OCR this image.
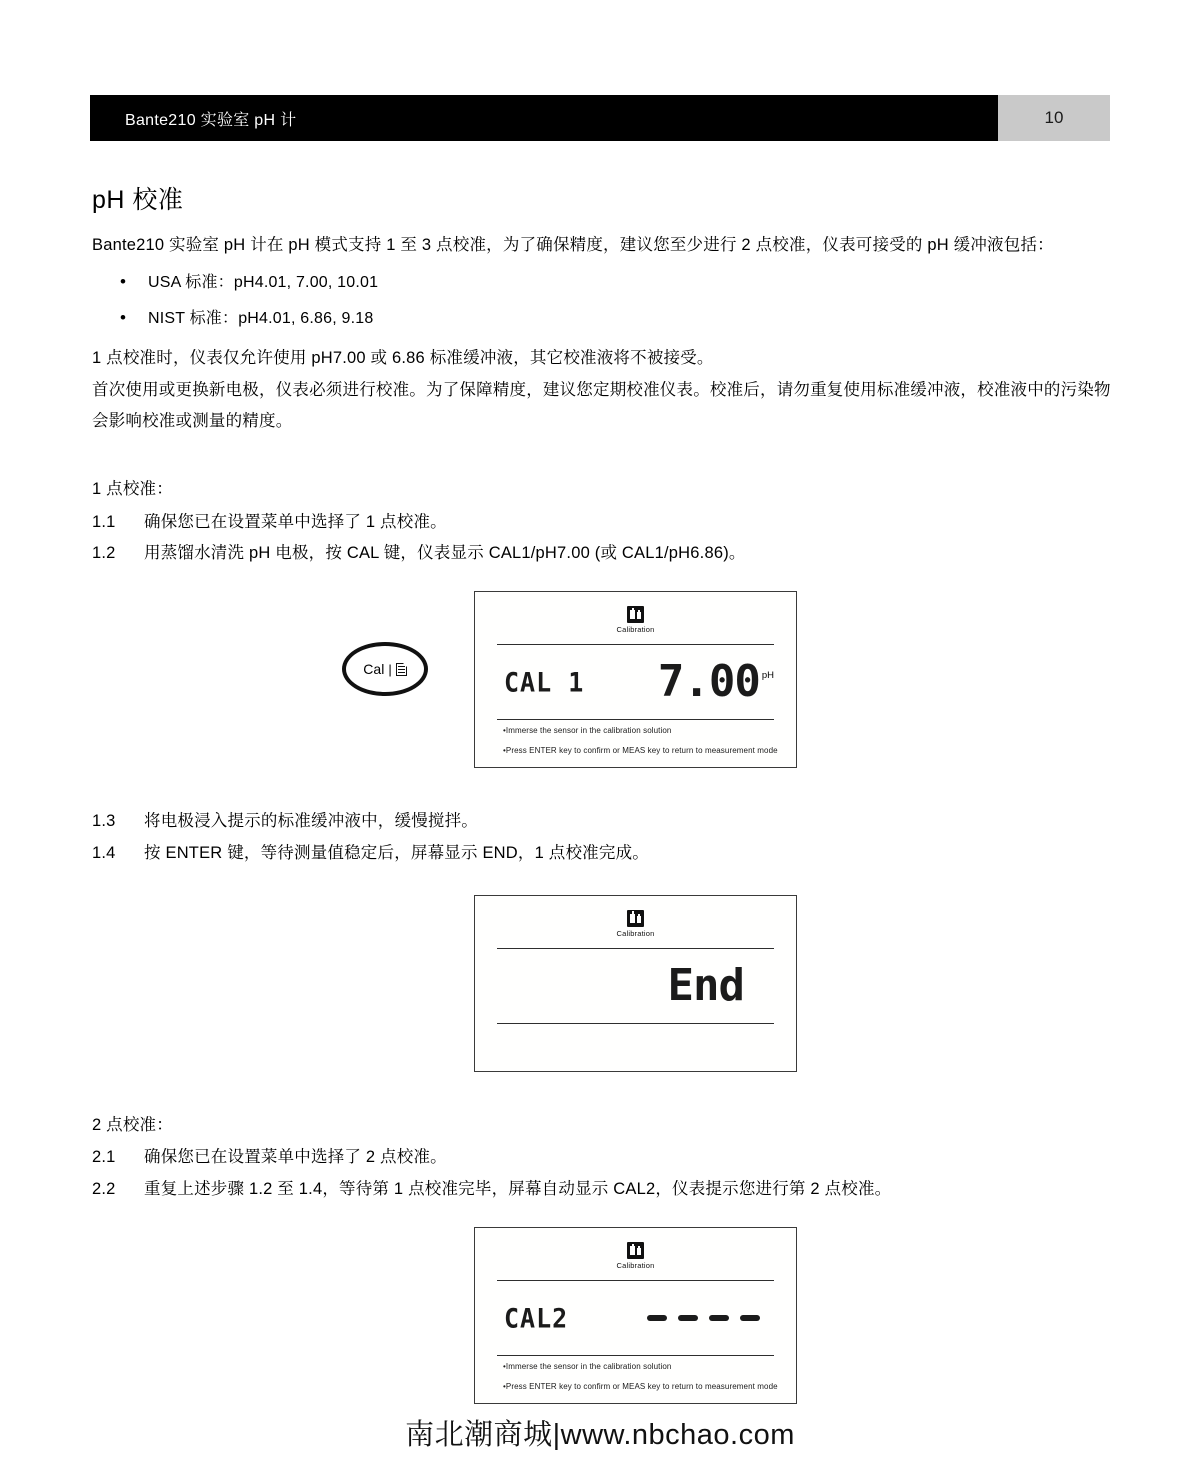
Bante210 实验室 pH 计	10
pH 校准

Bante210 实验室 pH 计在 pH 模式支持 1 至 3 点校准，为了确保精度，建议您至少进行 2 点校准，仪表可接受的 pH 缓冲液包括：

• USA 标准：pH4.01, 7.00, 10.01
• NIST 标准：pH4.01, 6.86, 9.18

1 点校准时，仪表仅允许使用 pH7.00 或 6.86 标准缓冲液，其它校准液将不被接受。

首次使用或更换新电极，仪表必须进行校准。为了保障精度，建议您定期校准仪表。校准后，请勿重复使用标准缓冲液，校准液中的污染物会影响校准或测量的精度。

1 点校准：

1.1	确保您已在设置菜单中选择了 1 点校准。
1.2	用蒸馏水清洗 pH 电极，按 CAL 键，仪表显示 CAL1/pH7.00 (或 CAL1/pH6.86)。
Cal |
Calibration
CAL 1 7.00 pH
• Immerse the sensor in the calibration solution
• Press ENTER key to confirm or MEAS key to return to measurement mode
1.3	将电极浸入提示的标准缓冲液中，缓慢搅拌。
1.4	按 ENTER 键，等待测量值稳定后，屏幕显示 END，1 点校准完成。
Calibration
End

2 点校准：

2.1	确保您已在设置菜单中选择了 2 点校准。
2.2	重复上述步骤 1.2 至 1.4，等待第 1 点校准完毕，屏幕自动显示 CAL2，仪表提示您进行第 2 点校准。
Calibration
CAL2
• Immerse the sensor in the calibration solution
• Press ENTER key to confirm or MEAS key to return to measurement mode
南北潮商城|www.nbchao.com
